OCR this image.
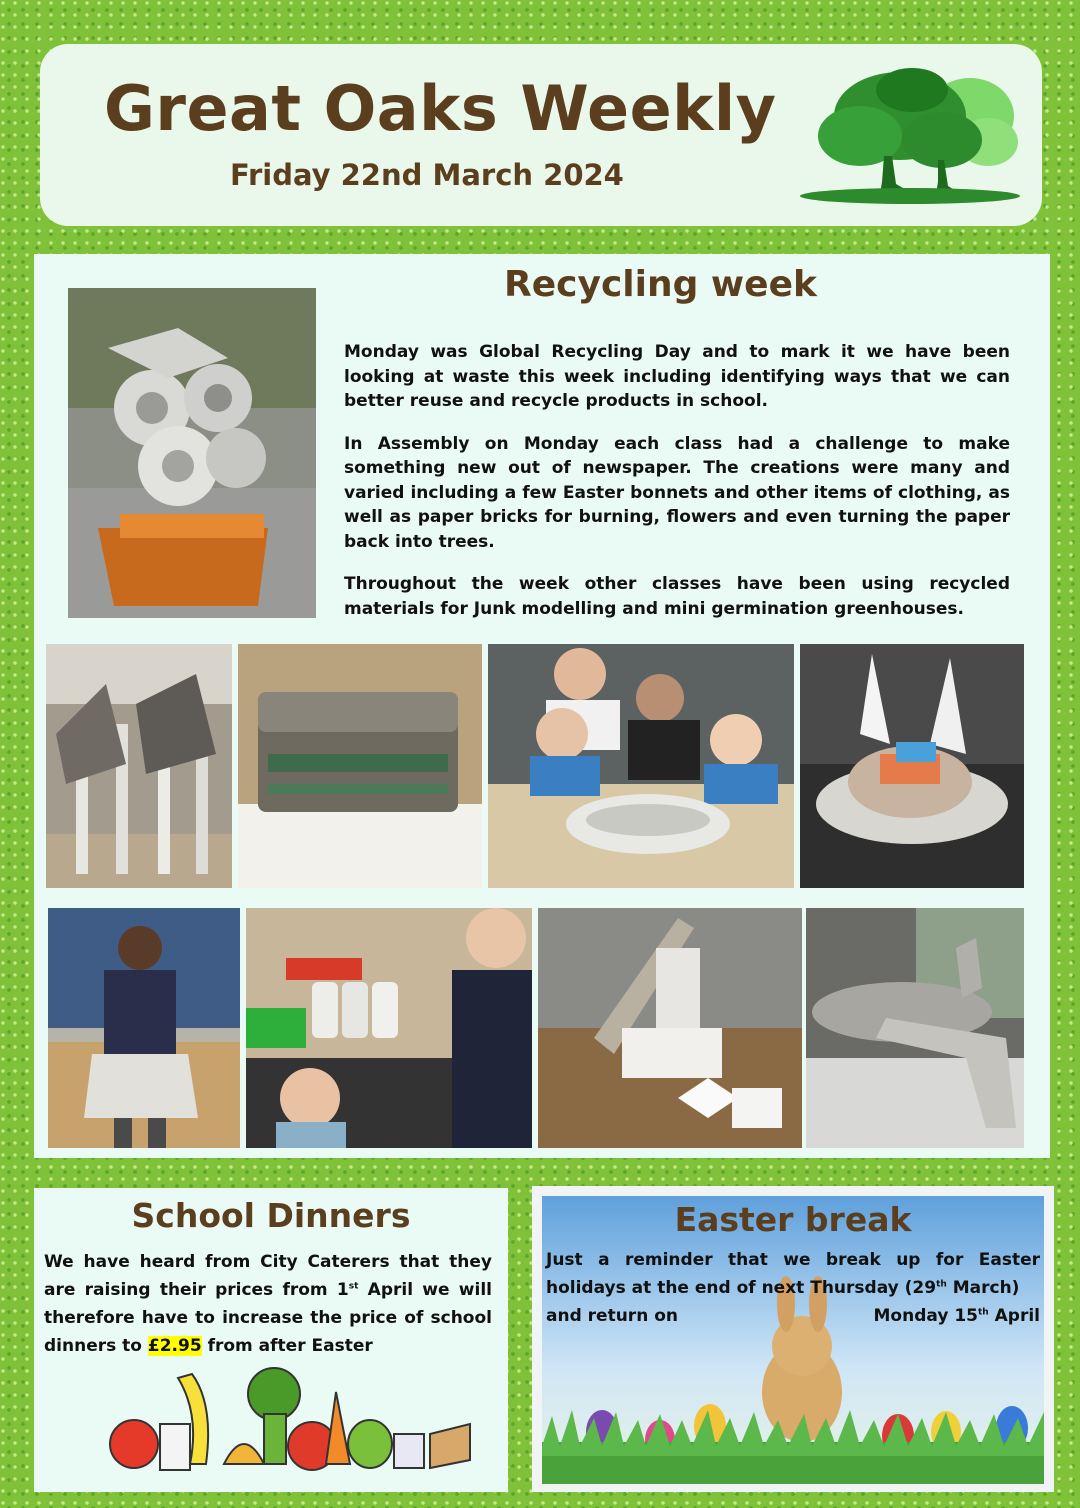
Great Oaks Weekly
Friday 22nd March 2024
Recycling week

Monday was Global Recycling Day and to mark it we have been looking at waste this week including identifying ways that we can better reuse and recycle products in school.

In Assembly on Monday each class had a challenge to make something new out of newspaper. The creations were many and varied including a few Easter bonnets and other items of clothing, as well as paper bricks for burning, flowers and even turning the paper back into trees.

Throughout the week other classes have been using recycled materials for Junk modelling and mini germination greenhouses.

School Dinners

We have heard from City Caterers that they are raising their prices from 1st April we will therefore have to increase the price of school dinners to £2.95 from after Easter

Easter break
Just a reminder that we break up for Easter
holidays at the end of next Thursday (29th March)
and return on	Monday 15th April
